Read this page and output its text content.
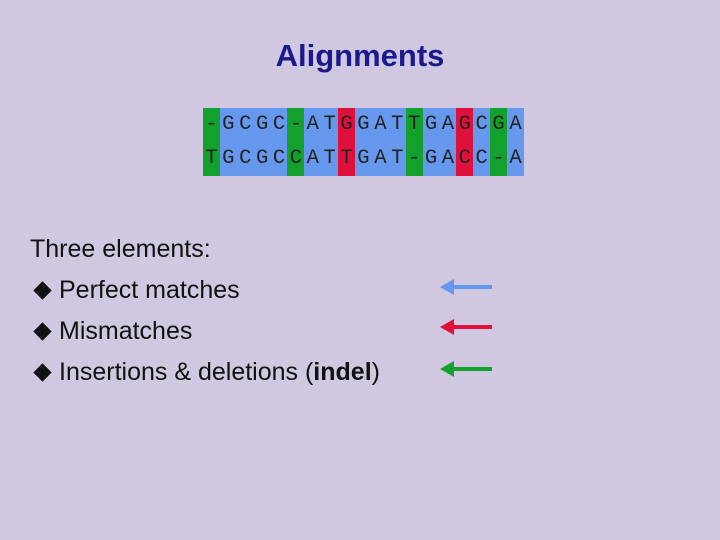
Alignments
- G C G C - A T G G A T T G A G C G A
T G C G C C A T T G A T - G A C C - A
Three elements:
Perfect matches
Mismatches
Insertions & deletions (indel)
